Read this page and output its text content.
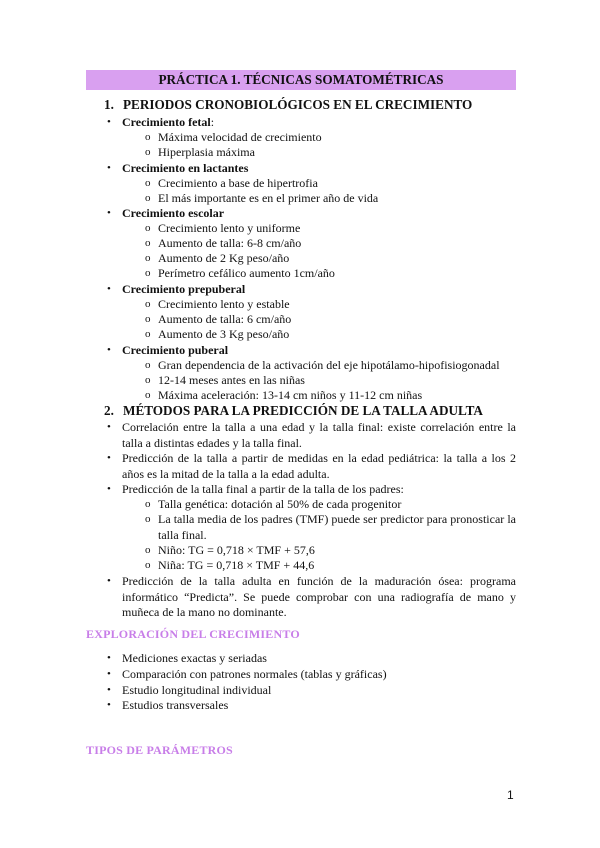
PRÁCTICA 1. TÉCNICAS SOMATOMÉTRICAS
1. PERIODOS CRONOBIOLÓGICOS EN EL CRECIMIENTO
• Crecimiento fetal:
o Máxima velocidad de crecimiento
o Hiperplasia máxima
• Crecimiento en lactantes
o Crecimiento a base de hipertrofia
o El más importante es en el primer año de vida
• Crecimiento escolar
o Crecimiento lento y uniforme
o Aumento de talla: 6-8 cm/año
o Aumento de 2 Kg peso/año
o Perímetro cefálico aumento 1cm/año
• Crecimiento prepuberal
o Crecimiento lento y estable
o Aumento de talla: 6 cm/año
o Aumento de 3 Kg peso/año
• Crecimiento puberal
o Gran dependencia de la activación del eje hipotálamo-hipofisiogonadal
o 12-14 meses antes en las niñas
o Máxima aceleración: 13-14 cm niños y 11-12 cm niñas
2. MÉTODOS PARA LA PREDICCIÓN DE LA TALLA ADULTA
• Correlación entre la talla a una edad y la talla final: existe correlación entre la talla a distintas edades y la talla final.
• Predicción de la talla a partir de medidas en la edad pediátrica: la talla a los 2 años es la mitad de la talla a la edad adulta.
• Predicción de la talla final a partir de la talla de los padres:
o Talla genética: dotación al 50% de cada progenitor
o La talla media de los padres (TMF) puede ser predictor para pronosticar la talla final.
o Niño: TG = 0,718 × TMF + 57,6
o Niña: TG = 0,718 × TMF + 44,6
• Predicción de la talla adulta en función de la maduración ósea: programa informático “Predicta”. Se puede comprobar con una radiografía de mano y muñeca de la mano no dominante.
EXPLORACIÓN DEL CRECIMIENTO
• Mediciones exactas y seriadas
• Comparación con patrones normales (tablas y gráficas)
• Estudio longitudinal individual
• Estudios transversales
TIPOS DE PARÁMETROS
1
